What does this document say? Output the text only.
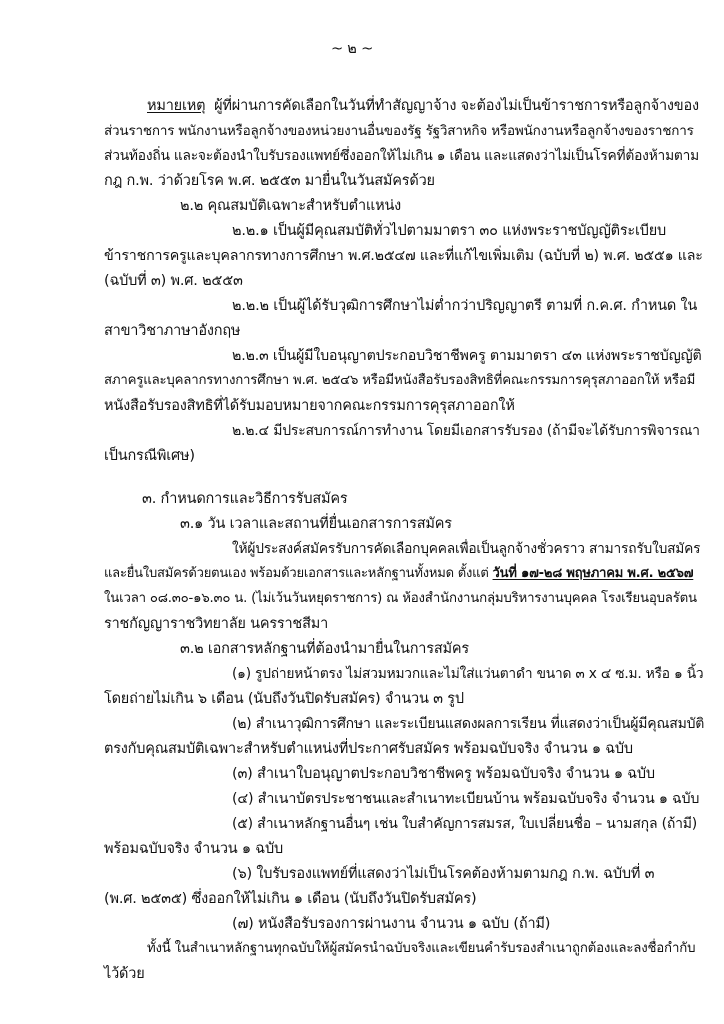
~ ๒ ~
หมายเหตุ ผู้ที่ผ่านการคัดเลือกในวันที่ทำสัญญาจ้าง จะต้องไม่เป็นข้าราชการหรือลูกจ้างของ
ส่วนราชการ พนักงานหรือลูกจ้างของหน่วยงานอื่นของรัฐ รัฐวิสาหกิจ หรือพนักงานหรือลูกจ้างของราชการ
ส่วนท้องถิ่น และจะต้องนำใบรับรองแพทย์ซึ่งออกให้ไม่เกิน ๑ เดือน และแสดงว่าไม่เป็นโรคที่ต้องห้ามตาม
กฎ ก.พ. ว่าด้วยโรค พ.ศ. ๒๕๕๓ มายื่นในวันสมัครด้วย
๒.๒ คุณสมบัติเฉพาะสำหรับตำแหน่ง
๒.๒.๑ เป็นผู้มีคุณสมบัติทั่วไปตามมาตรา ๓๐ แห่งพระราชบัญญัติระเบียบ
ข้าราชการครูและบุคลากรทางการศึกษา พ.ศ.๒๕๔๗ และที่แก้ไขเพิ่มเติม (ฉบับที่ ๒) พ.ศ. ๒๕๕๑ และ
(ฉบับที่ ๓) พ.ศ. ๒๕๕๓
๒.๒.๒ เป็นผู้ได้รับวุฒิการศึกษาไม่ต่ำกว่าปริญญาตรี ตามที่ ก.ค.ศ. กำหนด ใน
สาขาวิชาภาษาอังกฤษ
๒.๒.๓ เป็นผู้มีใบอนุญาตประกอบวิชาชีพครู ตามมาตรา ๔๓ แห่งพระราชบัญญัติ
สภาครูและบุคลากรทางการศึกษา พ.ศ. ๒๕๔๖ หรือมีหนังสือรับรองสิทธิที่คณะกรรมการคุรุสภาออกให้ หรือมี
หนังสือรับรองสิทธิที่ได้รับมอบหมายจากคณะกรรมการคุรุสภาออกให้
๒.๒.๔ มีประสบการณ์การทำงาน โดยมีเอกสารรับรอง (ถ้ามีจะได้รับการพิจารณา
เป็นกรณีพิเศษ)
๓. กำหนดการและวิธีการรับสมัคร
๓.๑ วัน เวลาและสถานที่ยื่นเอกสารการสมัคร
ให้ผู้ประสงค์สมัครรับการคัดเลือกบุคคลเพื่อเป็นลูกจ้างชั่วคราว สามารถรับใบสมัคร
และยื่นใบสมัครด้วยตนเอง พร้อมด้วยเอกสารและหลักฐานทั้งหมด ตั้งแต่ วันที่ ๑๗-๒๘ พฤษภาคม พ.ศ. ๒๕๖๗
ในเวลา ๐๘.๓๐-๑๖.๓๐ น. (ไม่เว้นวันหยุดราชการ) ณ ห้องสำนักงานกลุ่มบริหารงานบุคคล โรงเรียนอุบลรัตน
ราชกัญญาราชวิทยาลัย นครราชสีมา
๓.๒ เอกสารหลักฐานที่ต้องนำมายื่นในการสมัคร
(๑) รูปถ่ายหน้าตรง ไม่สวมหมวกและไม่ใส่แว่นตาดำ ขนาด ๓ x ๔ ซ.ม. หรือ ๑ นิ้ว
โดยถ่ายไม่เกิน ๖ เดือน (นับถึงวันปิดรับสมัคร) จำนวน ๓ รูป
(๒) สำเนาวุฒิการศึกษา และระเบียนแสดงผลการเรียน ที่แสดงว่าเป็นผู้มีคุณสมบัติ
ตรงกับคุณสมบัติเฉพาะสำหรับตำแหน่งที่ประกาศรับสมัคร พร้อมฉบับจริง จำนวน ๑ ฉบับ
(๓) สำเนาใบอนุญาตประกอบวิชาชีพครู พร้อมฉบับจริง จำนวน ๑ ฉบับ
(๔) สำเนาบัตรประชาชนและสำเนาทะเบียนบ้าน พร้อมฉบับจริง จำนวน ๑ ฉบับ
(๕) สำเนาหลักฐานอื่นๆ เช่น ใบสำคัญการสมรส, ใบเปลี่ยนชื่อ – นามสกุล (ถ้ามี)
พร้อมฉบับจริง จำนวน ๑ ฉบับ
(๖) ใบรับรองแพทย์ที่แสดงว่าไม่เป็นโรคต้องห้ามตามกฎ ก.พ. ฉบับที่ ๓
(พ.ศ. ๒๕๓๕) ซึ่งออกให้ไม่เกิน ๑ เดือน (นับถึงวันปิดรับสมัคร)
(๗) หนังสือรับรองการผ่านงาน จำนวน ๑ ฉบับ (ถ้ามี)
ทั้งนี้ ในสำเนาหลักฐานทุกฉบับให้ผู้สมัครนำฉบับจริงและเขียนคำรับรองสำเนาถูกต้องและลงชื่อกำกับ
ไว้ด้วย
